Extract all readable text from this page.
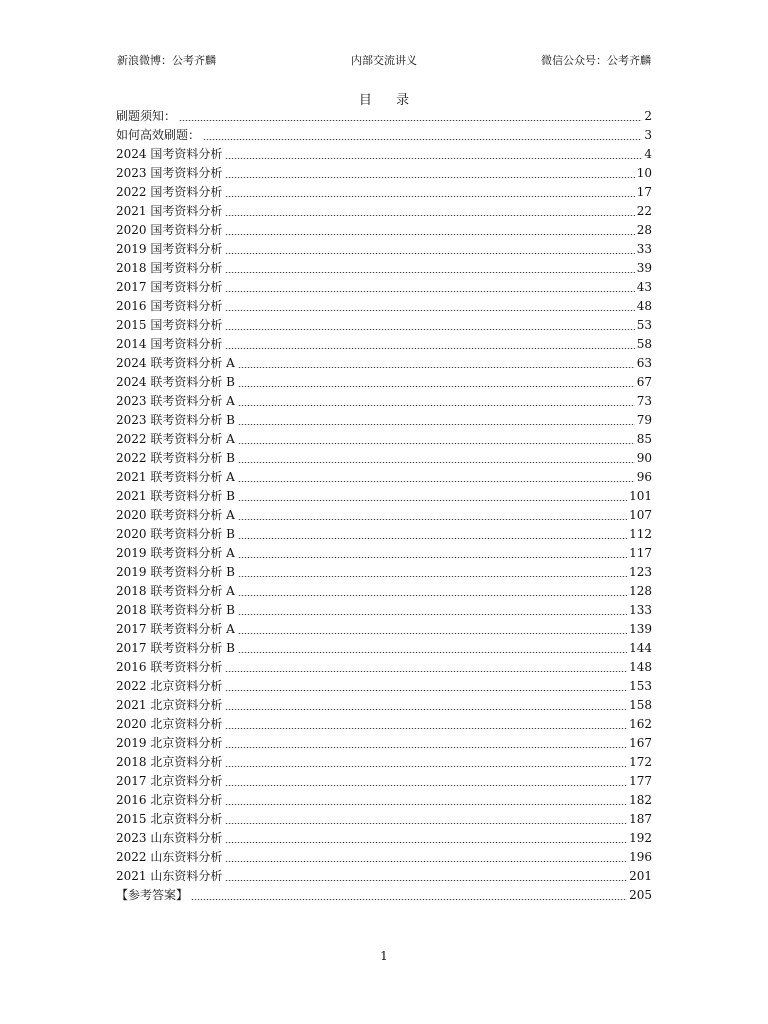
新浪微博：公考齐麟	内部交流讲义	微信公众号：公考齐麟
目 录
刷题须知：	2
如何高效刷题：	3
2024 国考资料分析	4
2023 国考资料分析	10
2022 国考资料分析	17
2021 国考资料分析	22
2020 国考资料分析	28
2019 国考资料分析	33
2018 国考资料分析	39
2017 国考资料分析	43
2016 国考资料分析	48
2015 国考资料分析	53
2014 国考资料分析	58
2024 联考资料分析 A	63
2024 联考资料分析 B	67
2023 联考资料分析 A	73
2023 联考资料分析 B	79
2022 联考资料分析 A	85
2022 联考资料分析 B	90
2021 联考资料分析 A	96
2021 联考资料分析 B	101
2020 联考资料分析 A	107
2020 联考资料分析 B	112
2019 联考资料分析 A	117
2019 联考资料分析 B	123
2018 联考资料分析 A	128
2018 联考资料分析 B	133
2017 联考资料分析 A	139
2017 联考资料分析 B	144
2016 联考资料分析	148
2022 北京资料分析	153
2021 北京资料分析	158
2020 北京资料分析	162
2019 北京资料分析	167
2018 北京资料分析	172
2017 北京资料分析	177
2016 北京资料分析	182
2015 北京资料分析	187
2023 山东资料分析	192
2022 山东资料分析	196
2021 山东资料分析	201
【参考答案】	205
1
